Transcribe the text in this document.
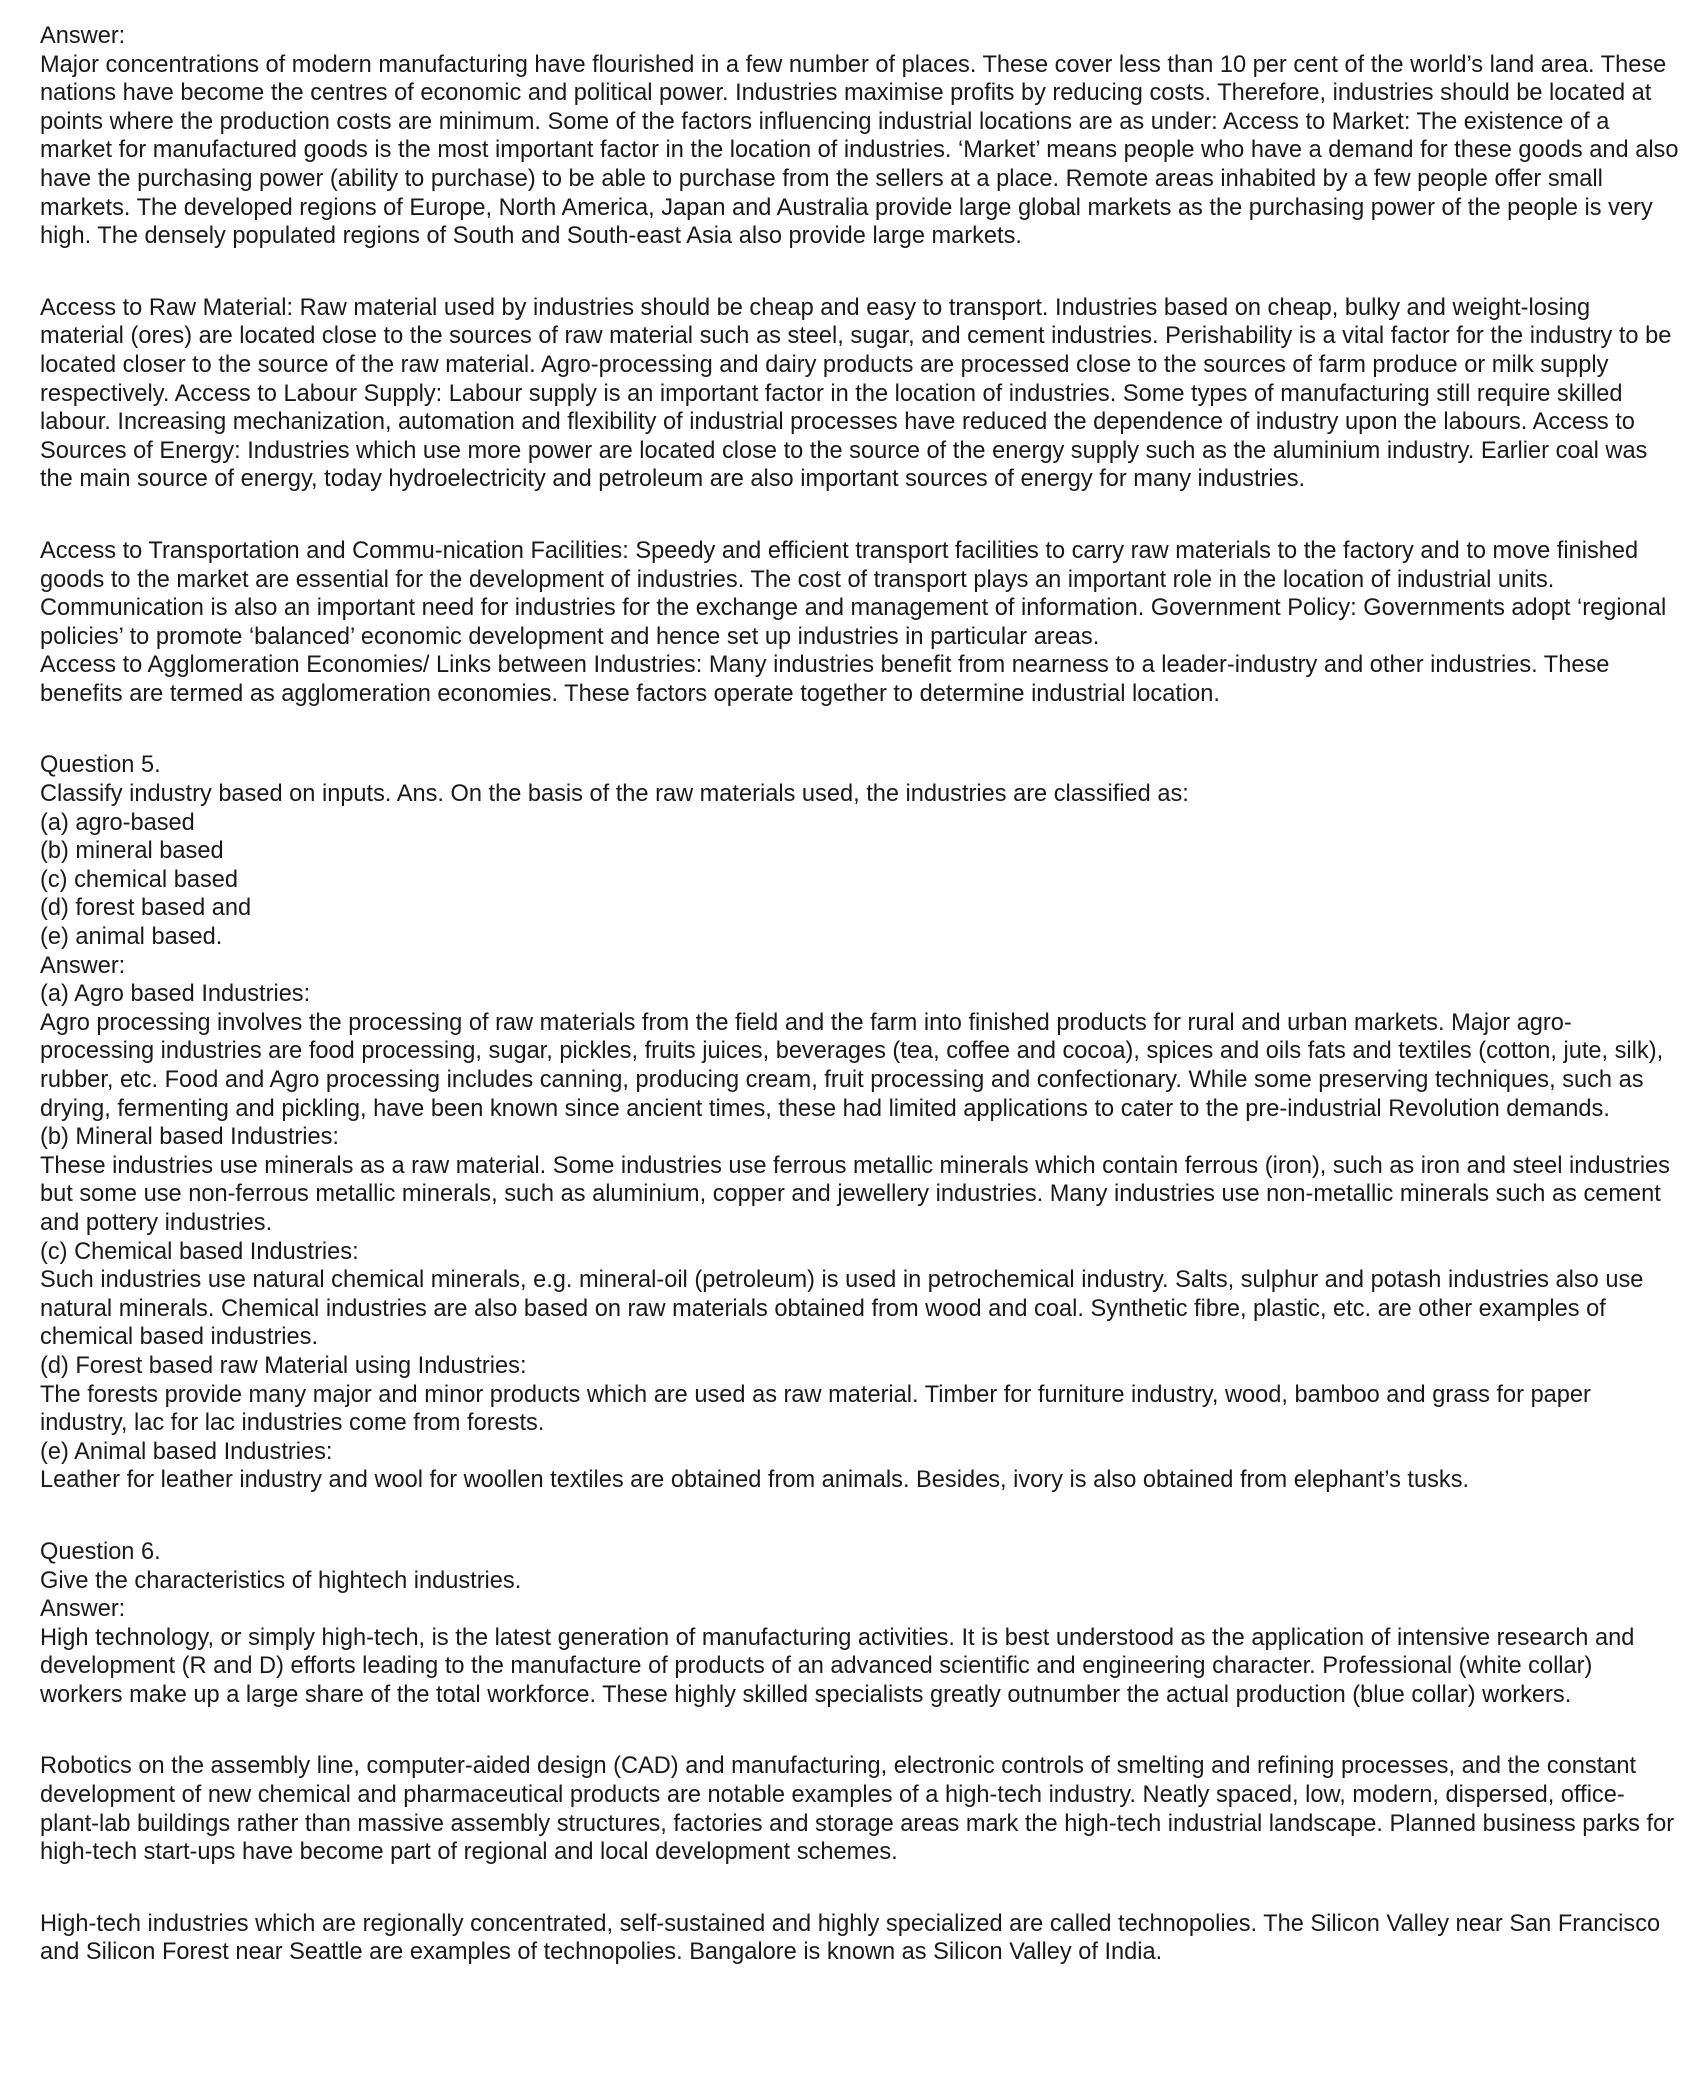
Answer:

Major concentrations of modern manufacturing have flourished in a few number of places. These cover less than 10 per cent of the world’s land area. These nations have become the centres of economic and political power. Industries maximise profits by reducing costs. Therefore, industries should be located at points where the production costs are minimum. Some of the factors influencing industrial locations are as under: Access to Market: The existence of a market for manufactured goods is the most important factor in the location of industries. ‘Market’ means people who have a demand for these goods and also have the purchasing power (ability to purchase) to be able to purchase from the sellers at a place. Remote areas inhabited by a few people offer small markets. The developed regions of Europe, North America, Japan and Australia provide large global markets as the purchasing power of the people is very high. The densely populated regions of South and South-east Asia also provide large markets.

Access to Raw Material: Raw material used by industries should be cheap and easy to transport. Industries based on cheap, bulky and weight-losing material (ores) are located close to the sources of raw material such as steel, sugar, and cement industries. Perishability is a vital factor for the industry to be located closer to the source of the raw material. Agro-processing and dairy products are processed close to the sources of farm produce or milk supply respectively. Access to Labour Supply: Labour supply is an important factor in the location of industries. Some types of manufacturing still require skilled labour. Increasing mechanization, automation and flexibility of industrial processes have reduced the dependence of industry upon the labours. Access to Sources of Energy: Industries which use more power are located close to the source of the energy supply such as the aluminium industry. Earlier coal was the main source of energy, today hydroelectricity and petroleum are also important sources of energy for many industries.

Access to Transportation and Commu-nication Facilities: Speedy and efficient transport facilities to carry raw materials to the factory and to move finished goods to the market are essential for the development of industries. The cost of transport plays an important role in the location of industrial units. Communication is also an important need for industries for the exchange and management of information. Government Policy: Governments adopt ‘regional policies’ to promote ‘balanced’ economic development and hence set up industries in particular areas.

Access to Agglomeration Economies/ Links between Industries: Many industries benefit from nearness to a leader-industry and other industries. These benefits are termed as agglomeration economies. These factors operate together to determine industrial location.

Question 5.

Classify industry based on inputs. Ans. On the basis of the raw materials used, the industries are classified as:

(a) agro-based

(b) mineral based

(c) chemical based

(d) forest based and

(e) animal based.

Answer:

(a) Agro based Industries:

Agro processing involves the processing of raw materials from the field and the farm into finished products for rural and urban markets. Major agro-processing industries are food processing, sugar, pickles, fruits juices, beverages (tea, coffee and cocoa), spices and oils fats and textiles (cotton, jute, silk), rubber, etc. Food and Agro processing includes canning, producing cream, fruit processing and confectionary. While some preserving techniques, such as drying, fermenting and pickling, have been known since ancient times, these had limited applications to cater to the pre-industrial Revolution demands.

(b) Mineral based Industries:

These industries use minerals as a raw material. Some industries use ferrous metallic minerals which contain ferrous (iron), such as iron and steel industries but some use non-ferrous metallic minerals, such as aluminium, copper and jewellery industries. Many industries use non-metallic minerals such as cement and pottery industries.

(c) Chemical based Industries:

Such industries use natural chemical minerals, e.g. mineral-oil (petroleum) is used in petrochemical industry. Salts, sulphur and potash industries also use natural minerals. Chemical industries are also based on raw materials obtained from wood and coal. Synthetic fibre, plastic, etc. are other examples of chemical based industries.

(d) Forest based raw Material using Industries:

The forests provide many major and minor products which are used as raw material. Timber for furniture industry, wood, bamboo and grass for paper industry, lac for lac industries come from forests.

(e) Animal based Industries:

Leather for leather industry and wool for woollen textiles are obtained from animals. Besides, ivory is also obtained from elephant’s tusks.

Question 6.

Give the characteristics of hightech industries.

Answer:

High technology, or simply high-tech, is the latest generation of manufacturing activities. It is best understood as the application of intensive research and development (R and D) efforts leading to the manufacture of products of an advanced scientific and engineering character. Professional (white collar) workers make up a large share of the total workforce. These highly skilled specialists greatly outnumber the actual production (blue collar) workers.

Robotics on the assembly line, computer-aided design (CAD) and manufacturing, electronic controls of smelting and refining processes, and the constant development of new chemical and pharmaceutical products are notable examples of a high-tech industry. Neatly spaced, low, modern, dispersed, office-plant-lab buildings rather than massive assembly structures, factories and storage areas mark the high-tech industrial landscape. Planned business parks for high-tech start-ups have become part of regional and local development schemes.

High-tech industries which are regionally concentrated, self-sustained and highly specialized are called technopolies. The Silicon Valley near San Francisco and Silicon Forest near Seattle are examples of technopolies. Bangalore is known as Silicon Valley of India.
